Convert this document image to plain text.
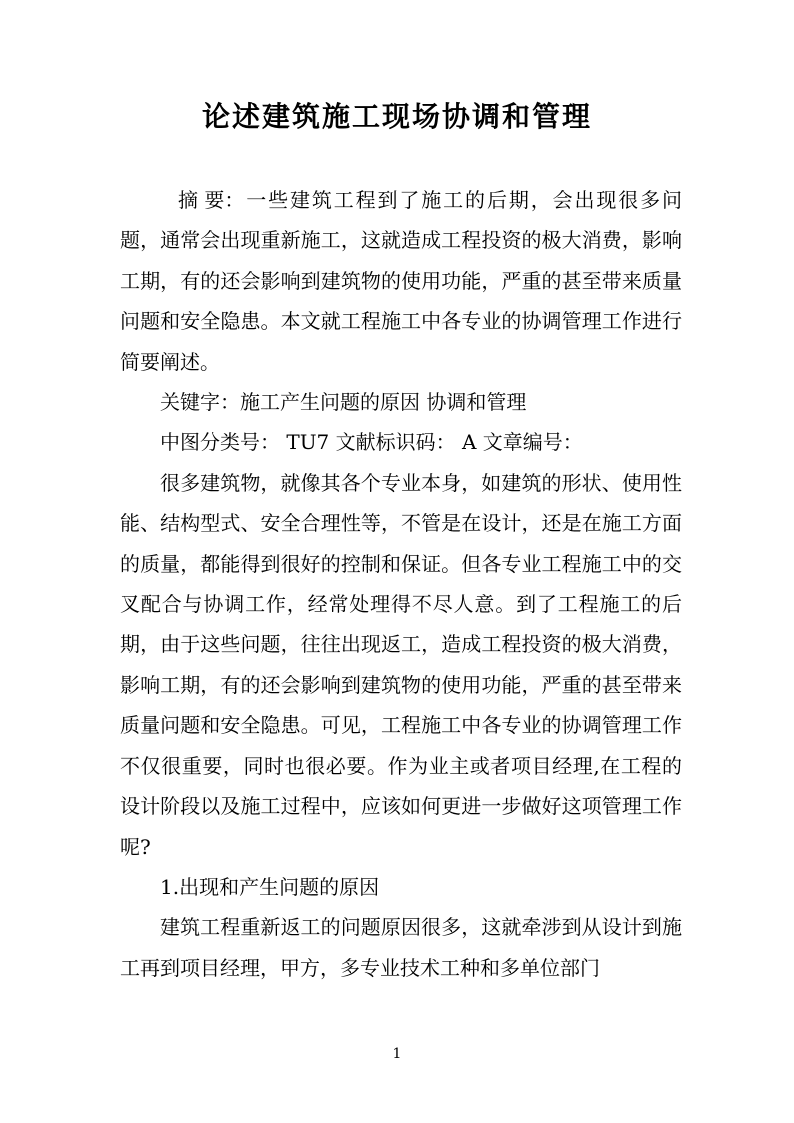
论述建筑施工现场协调和管理

摘 要：一些建筑工程到了施工的后期，会出现很多问题，通常会出现重新施工，这就造成工程投资的极大消费，影响工期，有的还会影响到建筑物的使用功能，严重的甚至带来质量问题和安全隐患。本文就工程施工中各专业的协调管理工作进行简要阐述。

关键字：施工产生问题的原因 协调和管理

中图分类号： TU7 文献标识码： A 文章编号：

很多建筑物，就像其各个专业本身，如建筑的形状、使用性能、结构型式、安全合理性等，不管是在设计，还是在施工方面的质量，都能得到很好的控制和保证。但各专业工程施工中的交叉配合与协调工作，经常处理得不尽人意。到了工程施工的后期，由于这些问题，往往出现返工，造成工程投资的极大消费，影响工期，有的还会影响到建筑物的使用功能，严重的甚至带来质量问题和安全隐患。可见，工程施工中各专业的协调管理工作不仅很重要，同时也很必要。作为业主或者项目经理,在工程的设计阶段以及施工过程中，应该如何更进一步做好这项管理工作呢?

1.出现和产生问题的原因

建筑工程重新返工的问题原因很多，这就牵涉到从设计到施工再到项目经理，甲方，多专业技术工种和多单位部门

1
